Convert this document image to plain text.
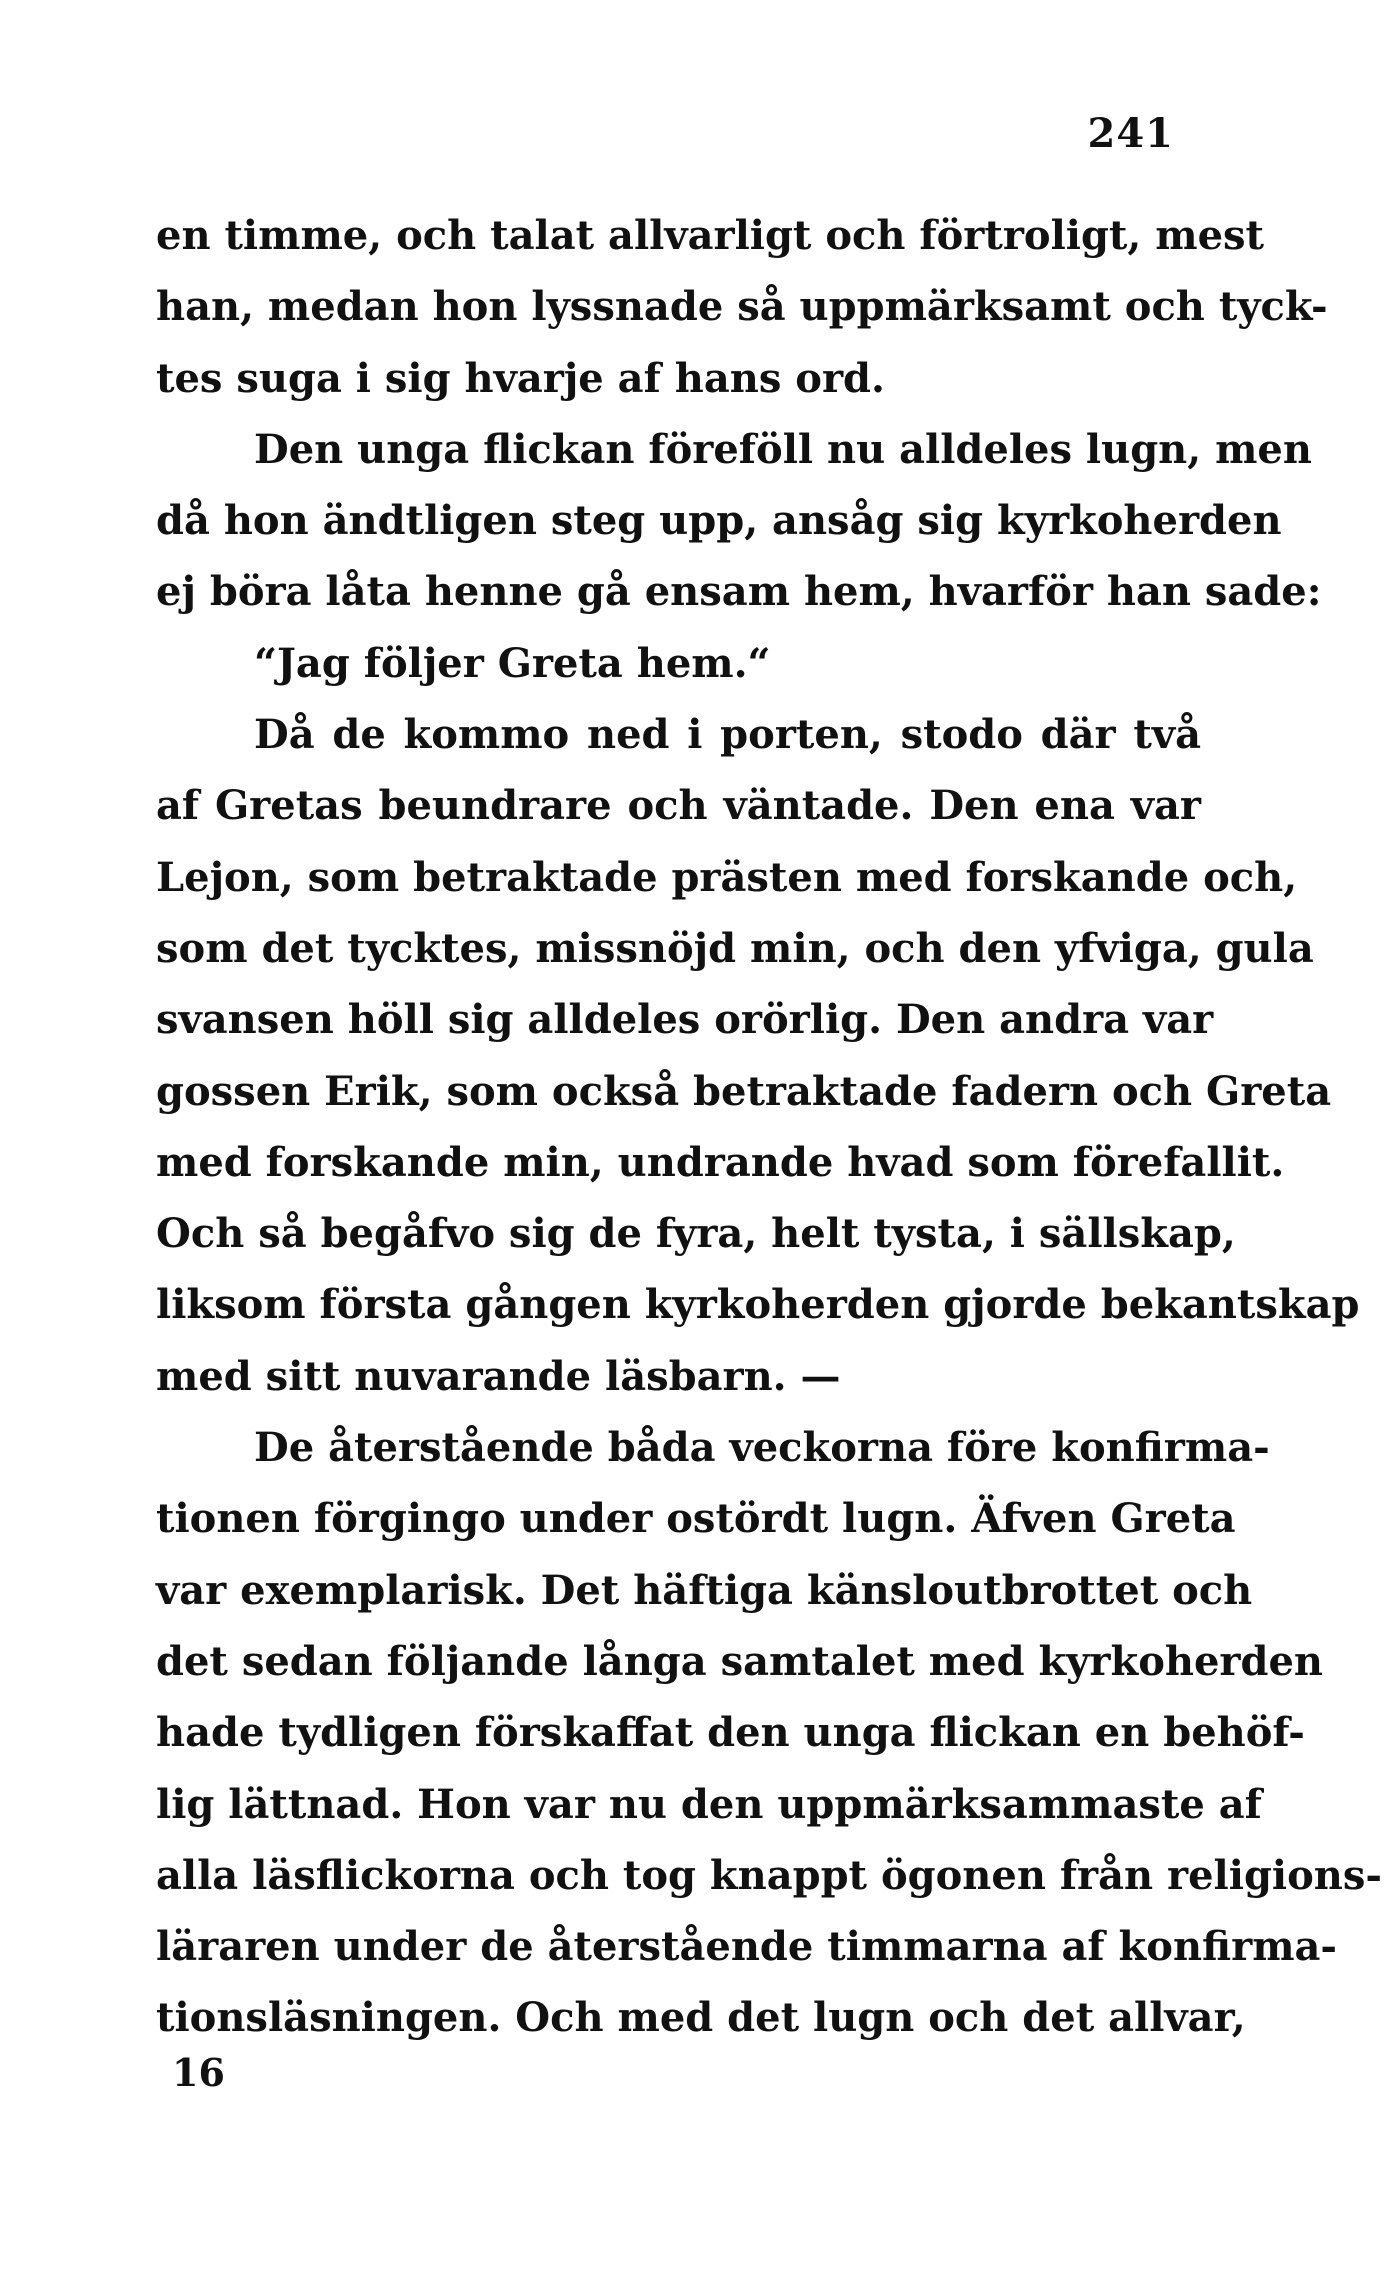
241
en timme, och talat allvarligt och förtroligt, mest
han, medan hon lyssnade så uppmärksamt och tyck-
tes suga i sig hvarje af hans ord.
Den unga flickan föreföll nu alldeles lugn, men
då hon ändtligen steg upp, ansåg sig kyrkoherden
ej böra låta henne gå ensam hem, hvarför han sade:
“Jag följer Greta hem.“
Då de kommo ned i porten, stodo där två
af Gretas beundrare och väntade. Den ena var
Lejon, som betraktade prästen med forskande och,
som det tycktes, missnöjd min, och den yfviga, gula
svansen höll sig alldeles orörlig. Den andra var
gossen Erik, som också betraktade fadern och Greta
med forskande min, undrande hvad som förefallit.
Och så begåfvo sig de fyra, helt tysta, i sällskap,
liksom första gången kyrkoherden gjorde bekantskap
med sitt nuvarande läsbarn. —
De återstående båda veckorna före konfirma-
tionen förgingo under ostördt lugn. Äfven Greta
var exemplarisk. Det häftiga känsloutbrottet och
det sedan följande långa samtalet med kyrkoherden
hade tydligen förskaffat den unga flickan en behöf-
lig lättnad. Hon var nu den uppmärksammaste af
alla läsflickorna och tog knappt ögonen från religions-
läraren under de återstående timmarna af konfirma-
tionsläsningen. Och med det lugn och det allvar,
16
